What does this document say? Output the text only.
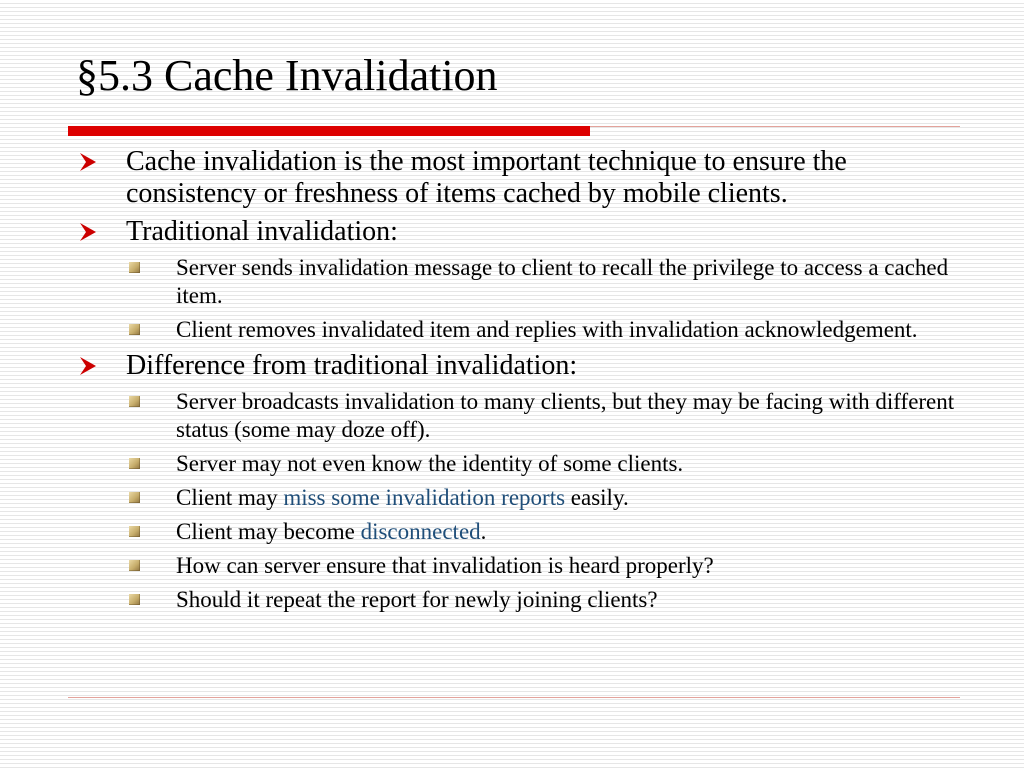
§5.3 Cache Invalidation
Cache invalidation is the most important technique to ensure the consistency or freshness of items cached by mobile clients.
Traditional invalidation:
Server sends invalidation message to client to recall the privilege to access a cached item.
Client removes invalidated item and replies with invalidation acknowledgement.
Difference from traditional invalidation:
Server broadcasts invalidation to many clients, but they may be facing with different status (some may doze off).
Server may not even know the identity of some clients.
Client may miss some invalidation reports easily.
Client may become disconnected.
How can server ensure that invalidation is heard properly?
Should it repeat the report for newly joining clients?
